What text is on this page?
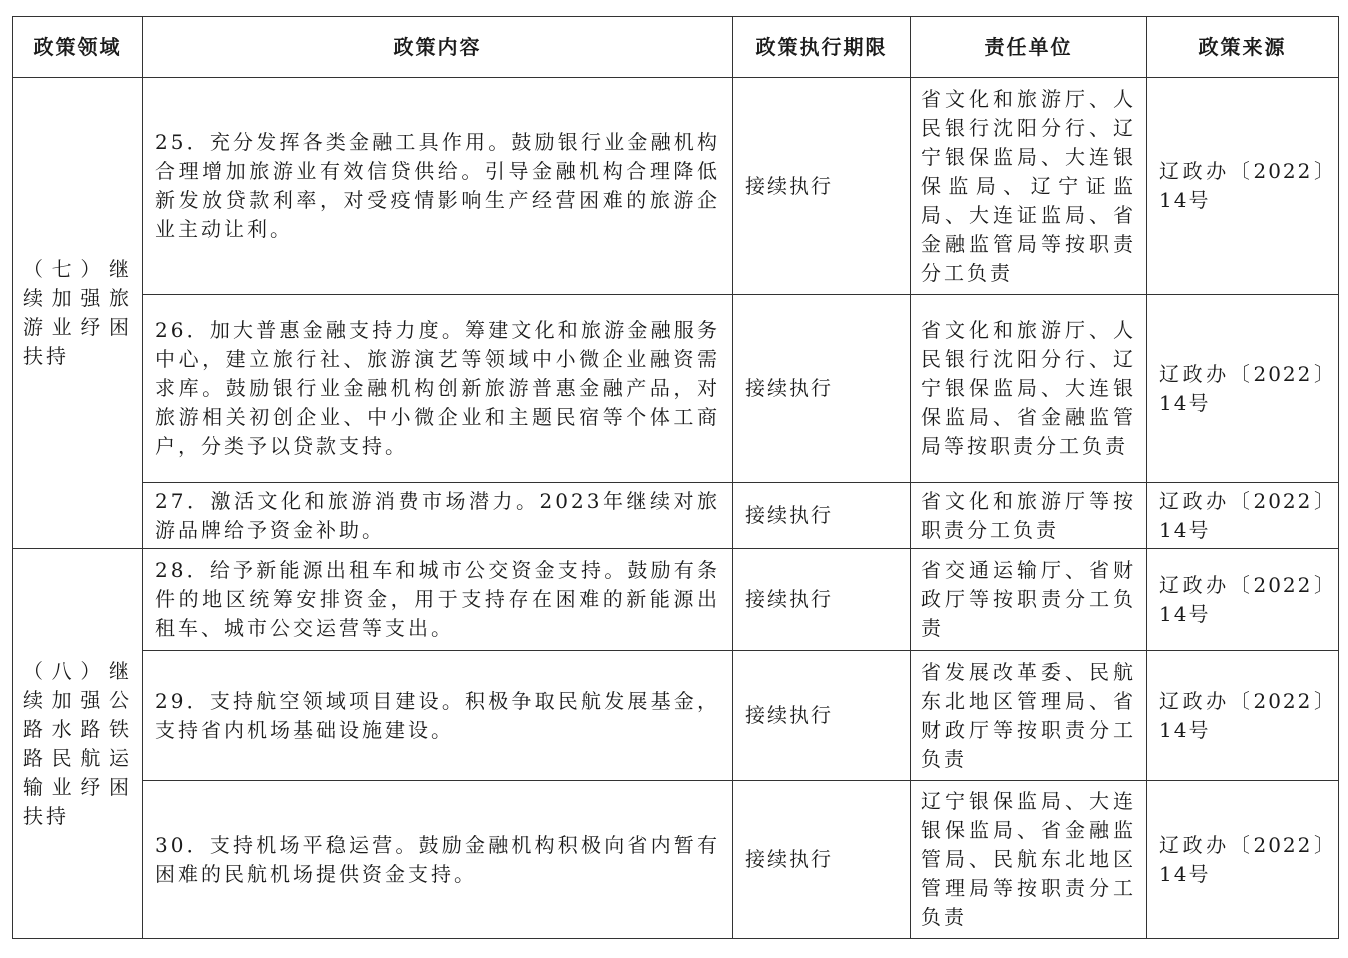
政策领域	政策内容	政策执行期限	责任单位	政策来源
（七）继续加强旅游业纾困扶持	25．充分发挥各类金融工具作用。鼓励银行业金融机构合理增加旅游业有效信贷供给。引导金融机构合理降低新发放贷款利率，对受疫情影响生产经营困难的旅游企业主动让利。	接续执行	省文化和旅游厅、人民银行沈阳分行、辽宁银保监局、大连银保监局、辽宁证监局、大连证监局、省金融监管局等按职责分工负责	辽政办〔2022〕14号
	26．加大普惠金融支持力度。筹建文化和旅游金融服务中心，建立旅行社、旅游演艺等领域中小微企业融资需求库。鼓励银行业金融机构创新旅游普惠金融产品，对旅游相关初创企业、中小微企业和主题民宿等个体工商户，分类予以贷款支持。	接续执行	省文化和旅游厅、人民银行沈阳分行、辽宁银保监局、大连银保监局、省金融监管局等按职责分工负责	辽政办〔2022〕14号
	27．激活文化和旅游消费市场潜力。2023年继续对旅游品牌给予资金补助。	接续执行	省文化和旅游厅等按职责分工负责	辽政办〔2022〕14号
（八）继续加强公路水路铁路民航运输业纾困扶持	28．给予新能源出租车和城市公交资金支持。鼓励有条件的地区统筹安排资金，用于支持存在困难的新能源出租车、城市公交运营等支出。	接续执行	省交通运输厅、省财政厅等按职责分工负责	辽政办〔2022〕14号
	29．支持航空领域项目建设。积极争取民航发展基金，支持省内机场基础设施建设。	接续执行	省发展改革委、民航东北地区管理局、省财政厅等按职责分工负责	辽政办〔2022〕14号
	30．支持机场平稳运营。鼓励金融机构积极向省内暂有困难的民航机场提供资金支持。	接续执行	辽宁银保监局、大连银保监局、省金融监管局、民航东北地区管理局等按职责分工负责	辽政办〔2022〕14号
